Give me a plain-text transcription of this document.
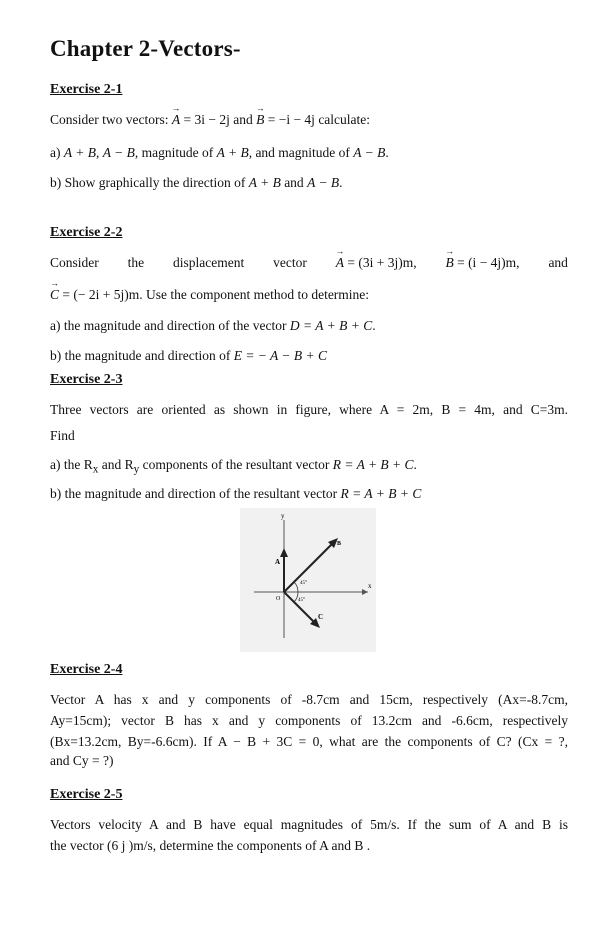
Chapter 2-Vectors-
Exercise 2-1
Consider two vectors: → A = 3i − 2j and → B = −i − 4j calculate:
a) A + B, A − B, magnitude of A + B, and magnitude of A − B.
b) Show graphically the direction of A + B and A − B.
Exercise 2-2
Consider the displacement vector → A = (3i + 3j)m, → B = (i − 4j)m, and
→ C = (− 2i + 5j)m. Use the component method to determine:
a) the magnitude and direction of the vector D = A + B + C.
b) the magnitude and direction of E = − A − B + C
Exercise 2-3
Three vectors are oriented as shown in figure, where A = 2m, B = 4m, and C=3m.
Find
a) the $R_x$ and $R_y$ components of the resultant vector R = A + B + C.
b) the magnitude and direction of the resultant vector R = A + B + C
y
x
A
B
C
O
45°
45°
Exercise 2-4
Vector A has x and y components of -8.7cm and 15cm, respectively (Ax=-8.7cm,
Ay=15cm); vector B has x and y components of 13.2cm and -6.6cm, respectively
(Bx=13.2cm, By=-6.6cm). If A − B + 3C = 0, what are the components of C? (Cx = ?,
and Cy = ?)
Exercise 2-5
Vectors velocity A and B have equal magnitudes of 5m/s. If the sum of A and B is
the vector (6 j )m/s, determine the components of A and B .
